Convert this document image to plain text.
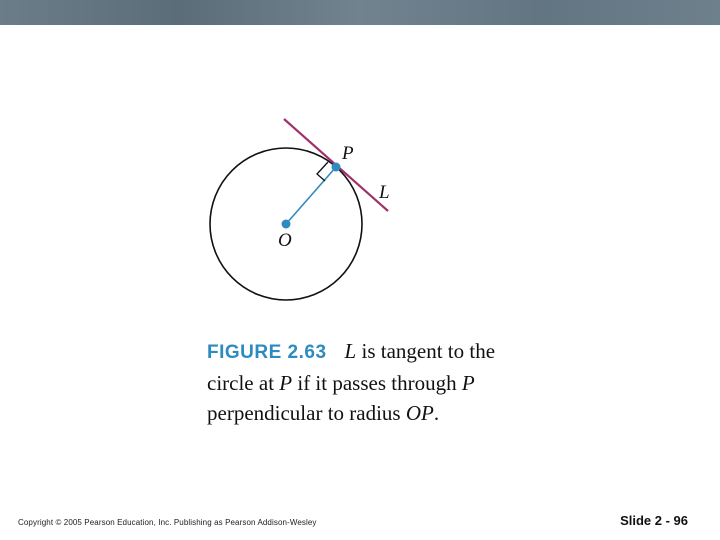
P
L
O
FIGURE 2.63 L is tangent to the
circle at P if it passes through P
perpendicular to radius OP.
Copyright © 2005 Pearson Education, Inc. Publishing as Pearson Addison-Wesley	Slide 2 - 96
